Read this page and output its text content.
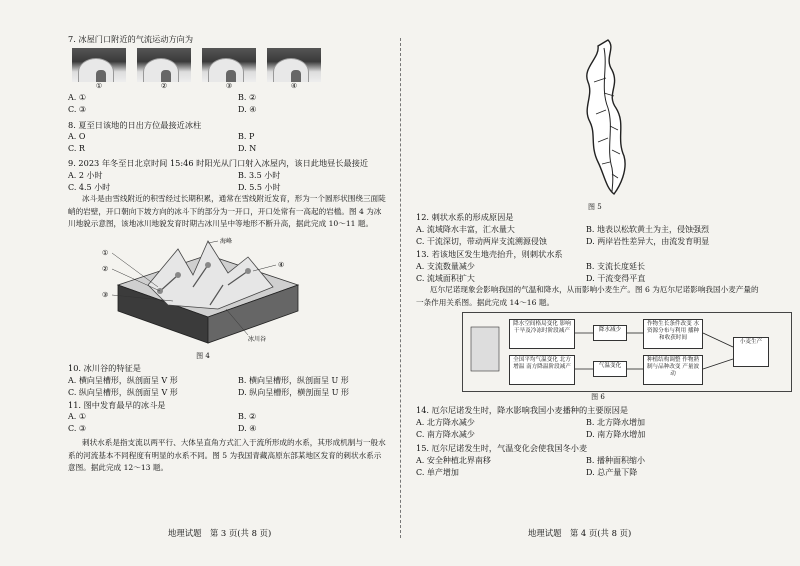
7. 冰屋门口附近的气流运动方向为

①	②	③	④
A. ①	B. ②
C. ③	D. ④

8. 夏至日该地的日出方位最接近冰柱

A. O	B. P
C. R	D. N

9. 2023 年冬至日北京时间 15:46 时阳光从门口射入冰屋内，该日此地昼长最接近

A. 2 小时	B. 3.5 小时
C. 4.5 小时	D. 5.5 小时

冰斗是由雪线附近的积雪经过长期积累，通常在雪线附近发育，形为一个圆形状围绕三面陡峭的岩壁，开口朝向下坡方向的冰斗下的部分为一开口，开口处常有一高起的岩槛。图 4 为冰川地貌示意图，该地冰川地貌发育时期古冰川呈中等地形不断升高，据此完成 10～11 题。

①
②
③
④
海峰
冰川谷
图 4

10. 冰川谷的特征是

A. 横向呈槽形，纵剖面呈 V 形	B. 横向呈槽形，纵剖面呈 U 形
C. 纵向呈槽形，纵剖面呈 V 形	D. 纵向呈槽形，横剖面呈 U 形

11. 图中发育最早的冰斗是

A. ①	B. ②
C. ③	D. ④

刺状水系是指支流以两平行、大体呈直角方式汇入于流所形成的水系，其形成机制与一般水系的河流基本不同程度有明显的水系不同。图 5 为我国青藏高原东部某地区发育的刺状水系示意图。据此完成 12～13 题。

地理试题　第 3 页(共 8 页)
图 5

12. 刺状水系的形成原因是

A. 流域降水丰富，汇水量大	B. 地表以松软黄土为主，侵蚀强烈
C. 干流深切，带动两岸支流溯源侵蚀	D. 两岸岩性差异大，由流发育明显

13. 若该地区发生地壳抬升，则刺状水系

A. 支流数量减少	B. 支流长度延长
C. 流域面积扩大	D. 干流变得平直

厄尔尼诺现象会影响我国的气温和降水，从而影响小麦生产。图 6 为厄尔尼诺影响我国小麦产量的一条作用关系图。据此完成 14～16 题。

降水空间格局变化 影响干旱及冷冻时阶段减产	降水减少
作物生长条件改变 水资源分布与利用 播种和收获时间
全国平均气温变化 北方增温 南方降温阶段减产	气温变化
种植结构调整 作物熟制与品种改变 产量波动
小麦生产
图 6

14. 厄尔尼诺发生时，降水影响我国小麦播种的主要原因是

A. 北方降水减少	B. 北方降水增加
C. 南方降水减少	D. 南方降水增加

15. 厄尔尼诺发生时，气温变化会使我国冬小麦

A. 安全种植北界南移	B. 播种面积缩小
C. 单产增加	D. 总产量下降
地理试题　第 4 页(共 8 页)
